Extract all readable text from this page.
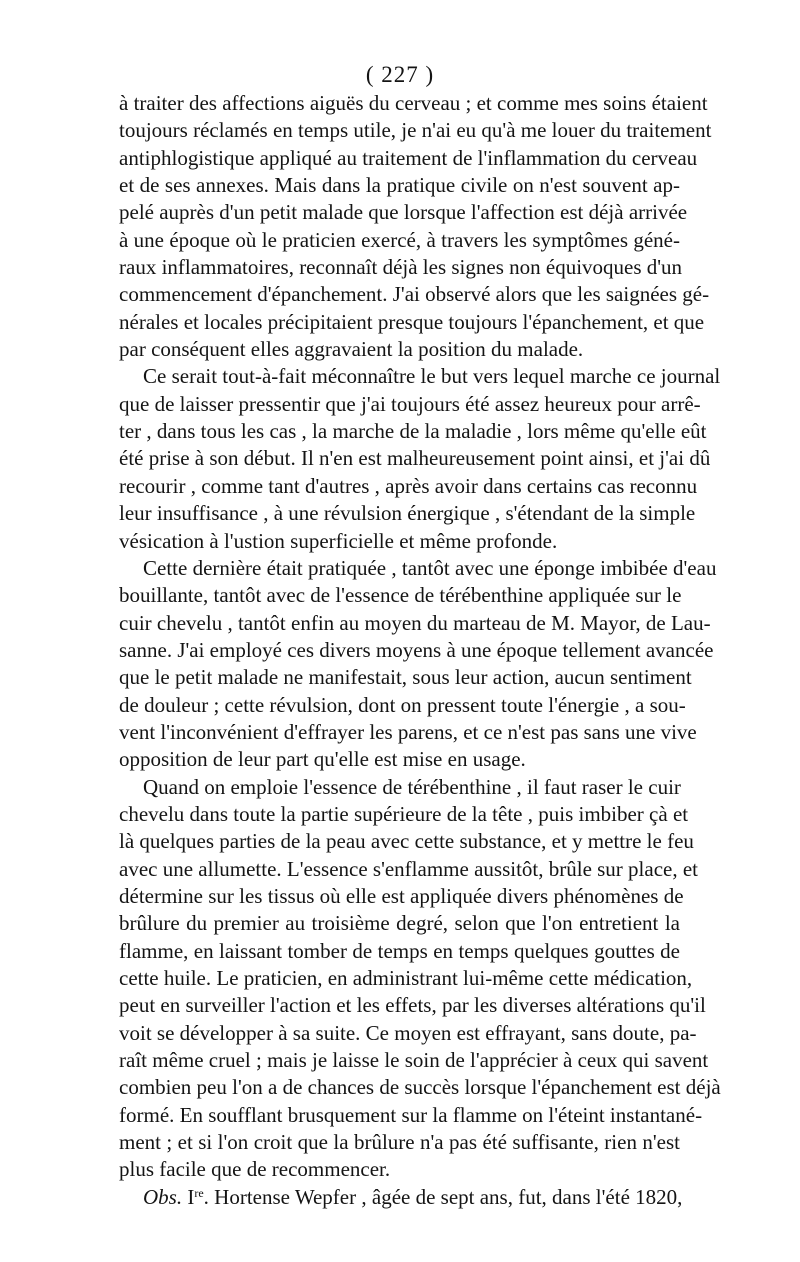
( 227 )
à traiter des affections aiguës du cerveau ; et comme mes soins étaient
toujours réclamés en temps utile, je n'ai eu qu'à me louer du traitement
antiphlogistique appliqué au traitement de l'inflammation du cerveau
et de ses annexes. Mais dans la pratique civile on n'est souvent ap-
pelé auprès d'un petit malade que lorsque l'affection est déjà arrivée
à une époque où le praticien exercé, à travers les symptômes géné-
raux inflammatoires, reconnaît déjà les signes non équivoques d'un
commencement d'épanchement. J'ai observé alors que les saignées gé-
nérales et locales précipitaient presque toujours l'épanchement, et que
par conséquent elles aggravaient la position du malade.
Ce serait tout-à-fait méconnaître le but vers lequel marche ce journal
que de laisser pressentir que j'ai toujours été assez heureux pour arrê-
ter , dans tous les cas , la marche de la maladie , lors même qu'elle eût
été prise à son début. Il n'en est malheureusement point ainsi, et j'ai dû
recourir , comme tant d'autres , après avoir dans certains cas reconnu
leur insuffisance , à une révulsion énergique , s'étendant de la simple
vésication à l'ustion superficielle et même profonde.
Cette dernière était pratiquée , tantôt avec une éponge imbibée d'eau
bouillante, tantôt avec de l'essence de térébenthine appliquée sur le
cuir chevelu , tantôt enfin au moyen du marteau de M. Mayor, de Lau-
sanne. J'ai employé ces divers moyens à une époque tellement avancée
que le petit malade ne manifestait, sous leur action, aucun sentiment
de douleur ; cette révulsion, dont on pressent toute l'énergie , a sou-
vent l'inconvénient d'effrayer les parens, et ce n'est pas sans une vive
opposition de leur part qu'elle est mise en usage.
Quand on emploie l'essence de térébenthine , il faut raser le cuir
chevelu dans toute la partie supérieure de la tête , puis imbiber çà et
là quelques parties de la peau avec cette substance, et y mettre le feu
avec une allumette. L'essence s'enflamme aussitôt, brûle sur place, et
détermine sur les tissus où elle est appliquée divers phénomènes de
brûlure du premier au troisième degré, selon que l'on entretient la
flamme, en laissant tomber de temps en temps quelques gouttes de
cette huile. Le praticien, en administrant lui-même cette médication,
peut en surveiller l'action et les effets, par les diverses altérations qu'il
voit se développer à sa suite. Ce moyen est effrayant, sans doute, pa-
raît même cruel ; mais je laisse le soin de l'apprécier à ceux qui savent
combien peu l'on a de chances de succès lorsque l'épanchement est déjà
formé. En soufflant brusquement sur la flamme on l'éteint instantané-
ment ; et si l'on croit que la brûlure n'a pas été suffisante, rien n'est
plus facile que de recommencer.
Obs. Ire. Hortense Wepfer , âgée de sept ans, fut, dans l'été 1820,
